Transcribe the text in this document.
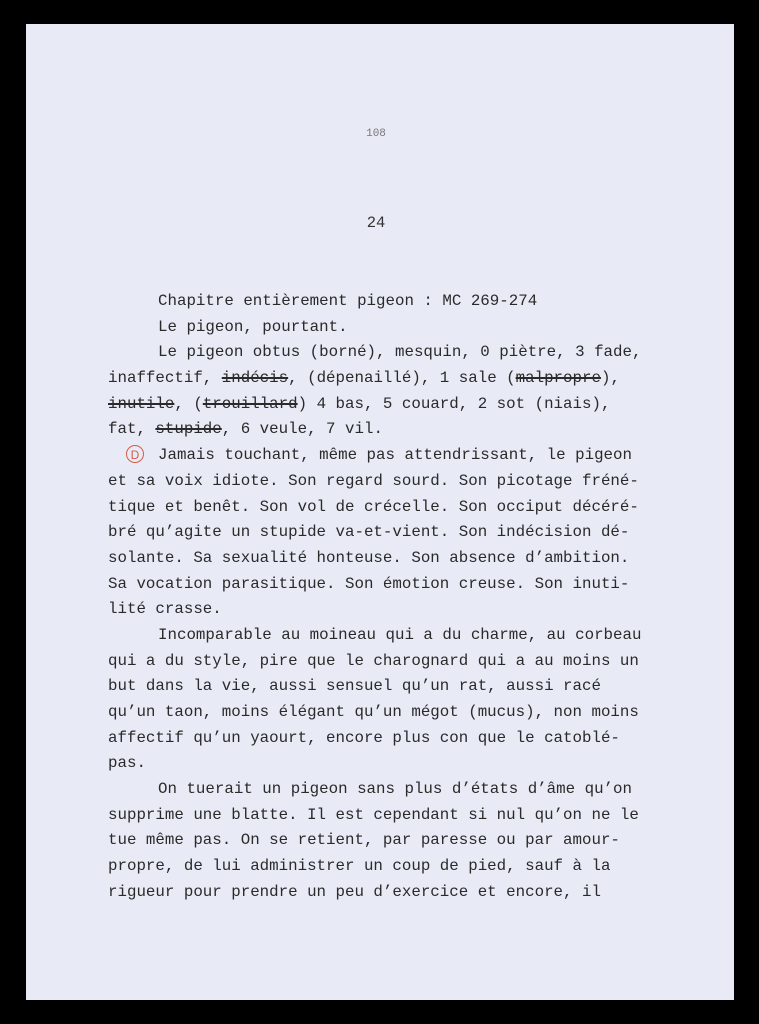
108
24
D
Chapitre entièrement pigeon : MC 269-274
Le pigeon, pourtant.
Le pigeon obtus (borné), mesquin, 0 piètre, 3 fade,
inaffectif, indécis, (dépenaillé), 1 sale (malpropre),
inutile, (trouillard) 4 bas, 5 couard, 2 sot (niais),
fat, stupide, 6 veule, 7 vil.
Jamais touchant, même pas attendrissant, le pigeon
et sa voix idiote. Son regard sourd. Son picotage fréné-
tique et benêt. Son vol de crécelle. Son occiput décéré-
bré qu’agite un stupide va-et-vient. Son indécision dé-
solante. Sa sexualité honteuse. Son absence d’ambition.
Sa vocation parasitique. Son émotion creuse. Son inuti-
lité crasse.
Incomparable au moineau qui a du charme, au corbeau
qui a du style, pire que le charognard qui a au moins un
but dans la vie, aussi sensuel qu’un rat, aussi racé
qu’un taon, moins élégant qu’un mégot (mucus), non moins
affectif qu’un yaourt, encore plus con que le catoblé-
pas.
On tuerait un pigeon sans plus d’états d’âme qu’on
supprime une blatte. Il est cependant si nul qu’on ne le
tue même pas. On se retient, par paresse ou par amour-
propre, de lui administrer un coup de pied, sauf à la
rigueur pour prendre un peu d’exercice et encore, il
